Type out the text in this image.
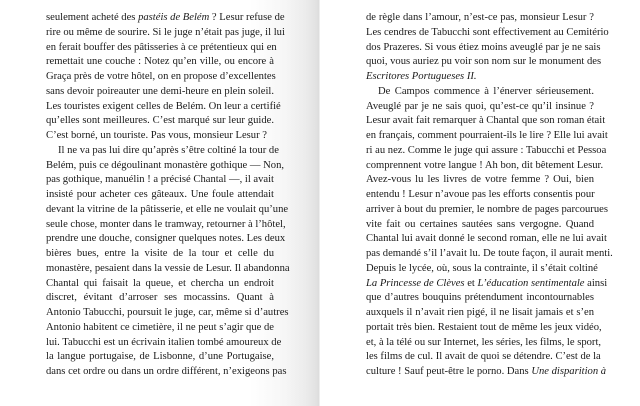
seulement acheté des pastéis de Belém ? Lesur refuse de
rire ou même de sourire. Si le juge n’était pas juge, il lui
en ferait bouffer des pâtisseries à ce prétentieux qui en
remettait une couche : Notez qu’en ville, ou encore à
Graça près de votre hôtel, on en propose d’excellentes
sans devoir poireauter une demi-heure en plein soleil.
Les touristes exigent celles de Belém. On leur a certifié
qu’elles sont meilleures. C’est marqué sur leur guide.
C’est borné, un touriste. Pas vous, monsieur Lesur ?
Il ne va pas lui dire qu’après s’être coltiné la tour de
Belém, puis ce dégoulinant monastère gothique — Non,
pas gothique, manuélin ! a précisé Chantal —, il avait
insisté pour acheter ces gâteaux. Une foule attendait
devant la vitrine de la pâtisserie, et elle ne voulait qu’une
seule chose, monter dans le tramway, retourner à l’hôtel,
prendre une douche, consigner quelques notes. Les deux
bières bues, entre la visite de la tour et celle du
monastère, pesaient dans la vessie de Lesur. Il abandonna
Chantal qui faisait la queue, et chercha un endroit
discret, évitant d’arroser ses mocassins. Quant à
Antonio Tabucchi, poursuit le juge, car, même si d’autres
Antonio habitent ce cimetière, il ne peut s’agir que de
lui. Tabucchi est un écrivain italien tombé amoureux de
la langue portugaise, de Lisbonne, d’une Portugaise,
dans cet ordre ou dans un ordre différent, n’exigeons pas
de règle dans l’amour, n’est-ce pas, monsieur Lesur ?
Les cendres de Tabucchi sont effectivement au Cemitério
dos Prazeres. Si vous étiez moins aveuglé par je ne sais
quoi, vous auriez pu voir son nom sur le monument des
Escritores Portugueses II.
De Campos commence à l’énerver sérieusement.
Aveuglé par je ne sais quoi, qu’est-ce qu’il insinue ?
Lesur avait fait remarquer à Chantal que son roman était
en français, comment pourraient-ils le lire ? Elle lui avait
ri au nez. Comme le juge qui assure : Tabucchi et Pessoa
comprennent votre langue ! Ah bon, dit bêtement Lesur.
Avez-vous lu les livres de votre femme ? Oui, bien
entendu ! Lesur n’avoue pas les efforts consentis pour
arriver à bout du premier, le nombre de pages parcourues
vite fait ou certaines sautées sans vergogne. Quand
Chantal lui avait donné le second roman, elle ne lui avait
pas demandé s’il l’avait lu. De toute façon, il aurait menti.
Depuis le lycée, où, sous la contrainte, il s’était coltiné
La Princesse de Clèves et L’éducation sentimentale ainsi
que d’autres bouquins prétendument incontournables
auxquels il n’avait rien pigé, il ne lisait jamais et s’en
portait très bien. Restaient tout de même les jeux vidéo,
et, à la télé ou sur Internet, les séries, les films, le sport,
les films de cul. Il avait de quoi se détendre. C’est de la
culture ! Sauf peut-être le porno. Dans Une disparition à
